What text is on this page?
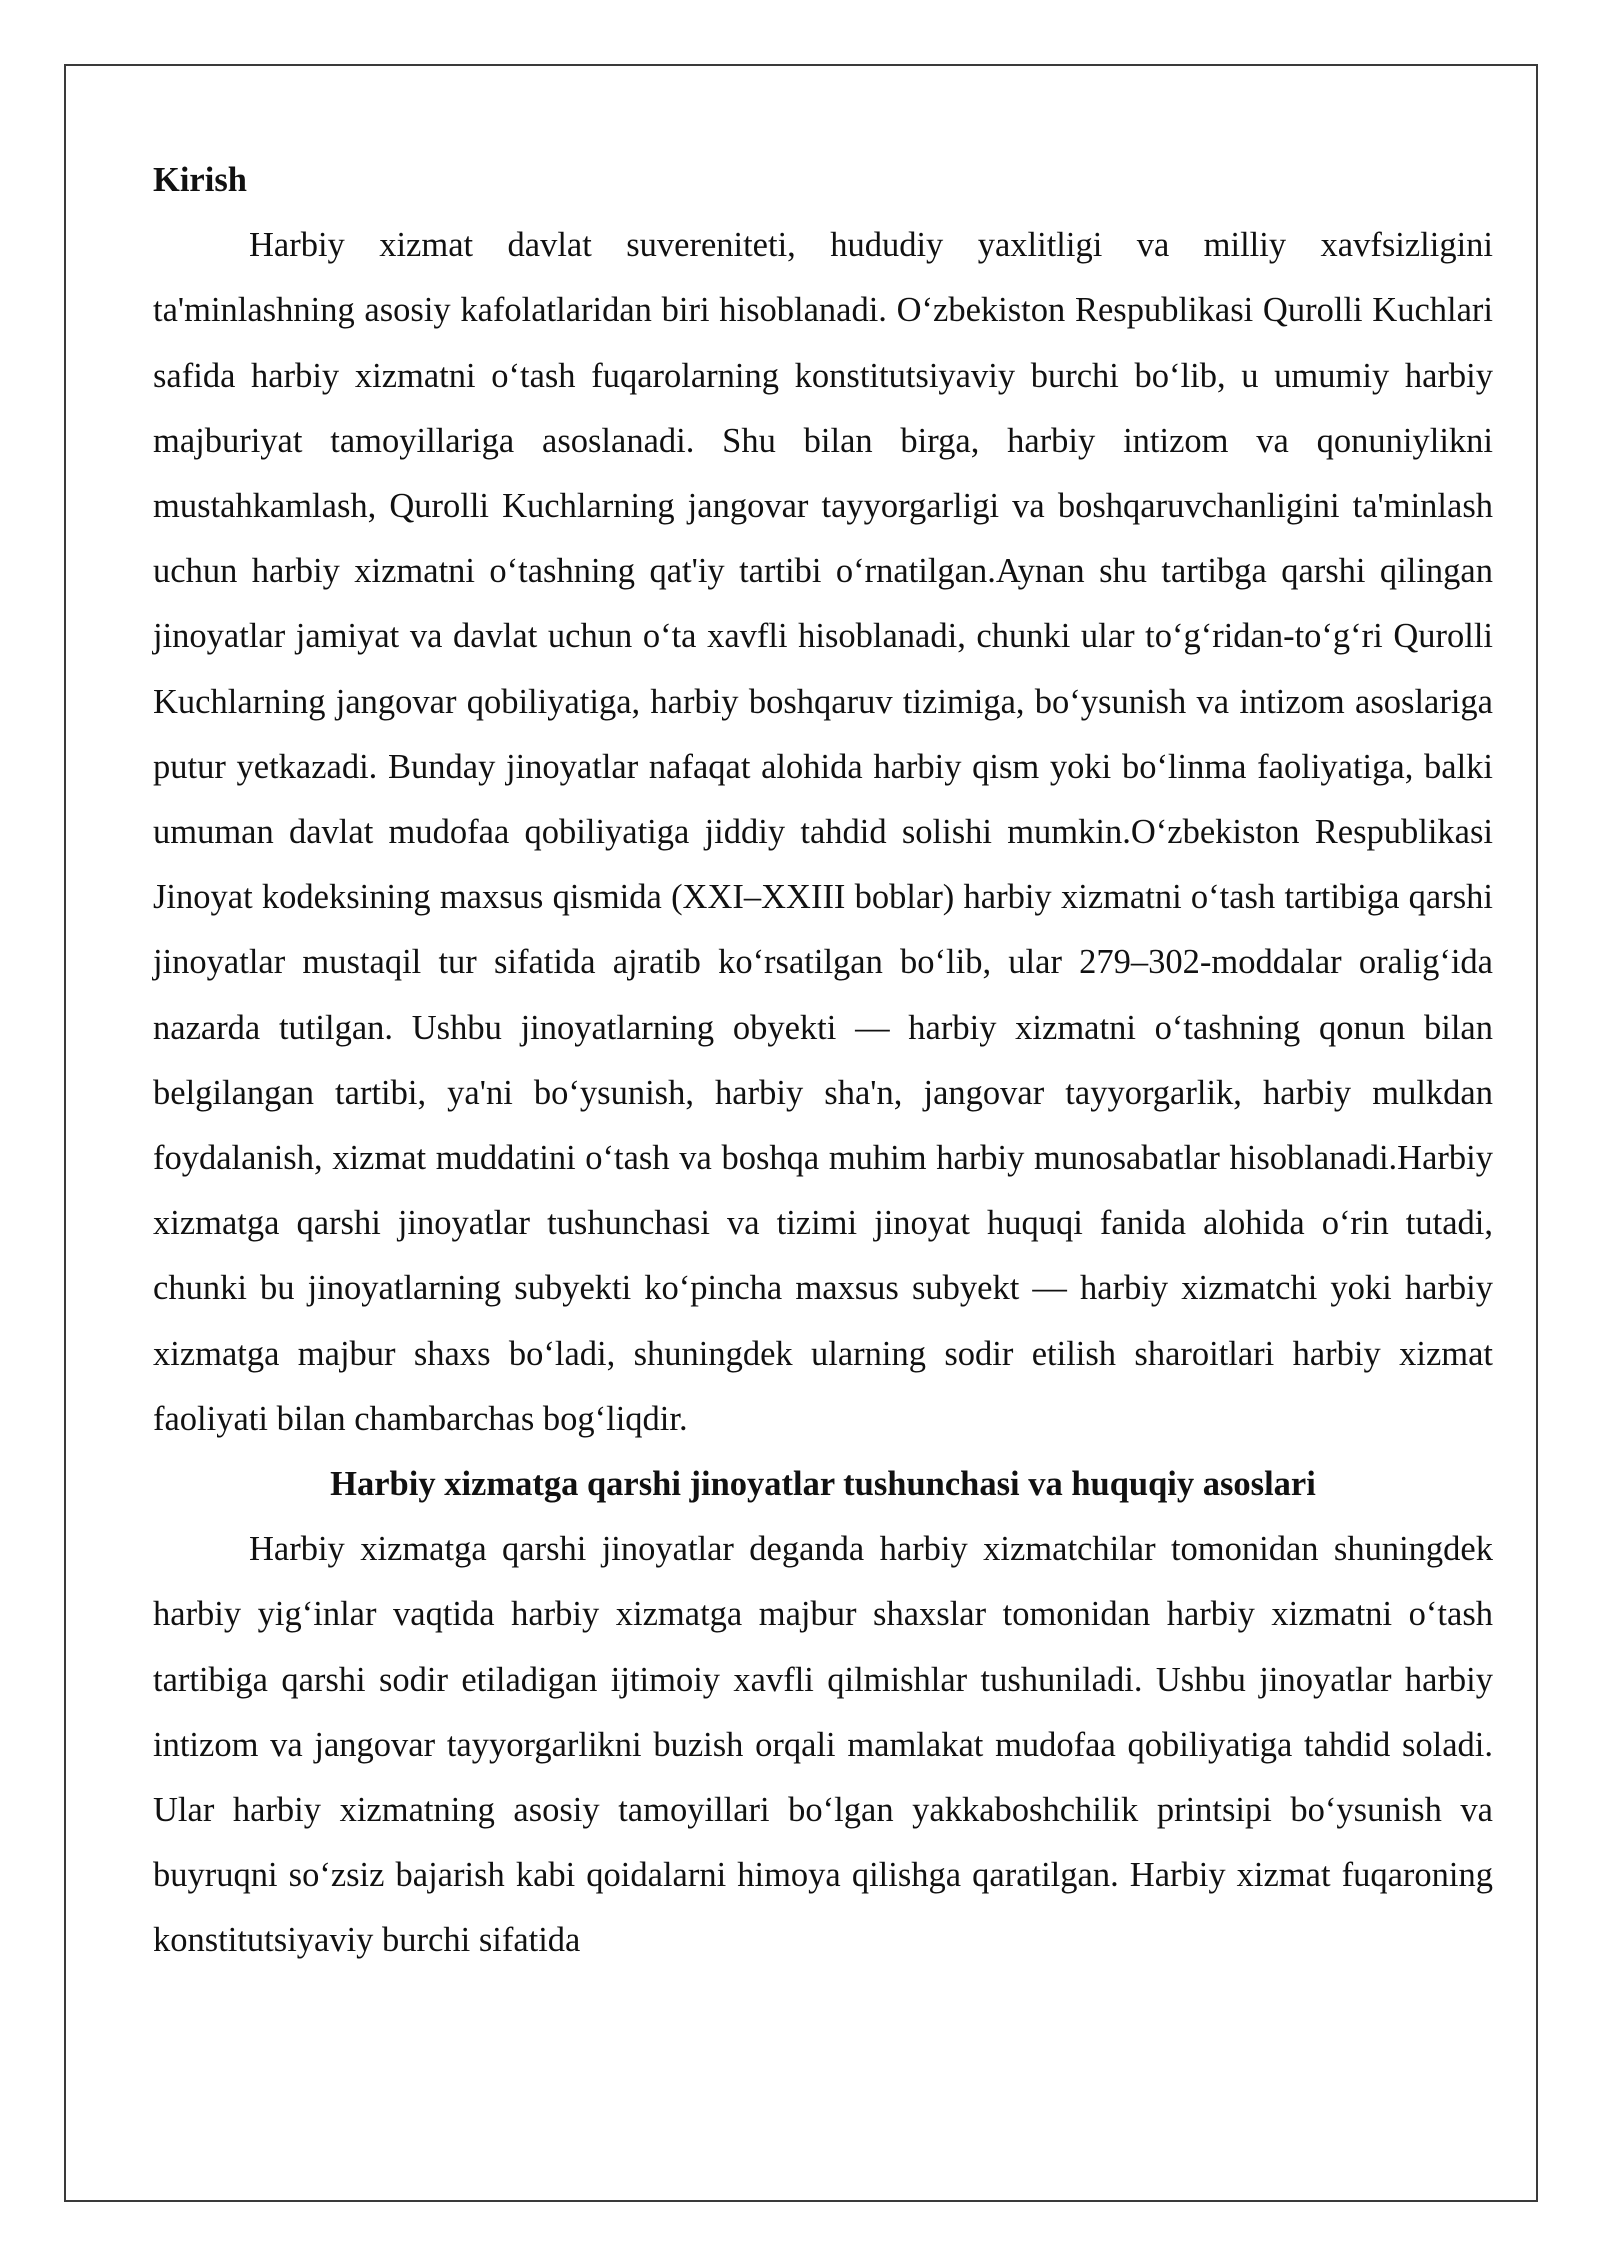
Kirish

Harbiy xizmat davlat suvereniteti, hududiy yaxlitligi va milliy xavfsizligini ta'minlashning asosiy kafolatlaridan biri hisoblanadi. O‘zbekiston Respublikasi Qurolli Kuchlari safida harbiy xizmatni o‘tash fuqarolarning konstitutsiyaviy burchi bo‘lib, u umumiy harbiy majburiyat tamoyillariga asoslanadi. Shu bilan birga, harbiy intizom va qonuniylikni mustahkamlash, Qurolli Kuchlarning jangovar tayyorgarligi va boshqaruvchanligini ta'minlash uchun harbiy xizmatni o‘tashning qat'iy tartibi o‘rnatilgan.Aynan shu tartibga qarshi qilingan jinoyatlar jamiyat va davlat uchun o‘ta xavfli hisoblanadi, chunki ular to‘g‘ridan-to‘g‘ri Qurolli Kuchlarning jangovar qobiliyatiga, harbiy boshqaruv tizimiga, bo‘ysunish va intizom asoslariga putur yetkazadi. Bunday jinoyatlar nafaqat alohida harbiy qism yoki bo‘linma faoliyatiga, balki umuman davlat mudofaa qobiliyatiga jiddiy tahdid solishi mumkin.O‘zbekiston Respublikasi Jinoyat kodeksining maxsus qismida (XXI–XXIII boblar) harbiy xizmatni o‘tash tartibiga qarshi jinoyatlar mustaqil tur sifatida ajratib ko‘rsatilgan bo‘lib, ular 279–302-moddalar oralig‘ida nazarda tutilgan. Ushbu jinoyatlarning obyekti — harbiy xizmatni o‘tashning qonun bilan belgilangan tartibi, ya'ni bo‘ysunish, harbiy sha'n, jangovar tayyorgarlik, harbiy mulkdan foydalanish, xizmat muddatini o‘tash va boshqa muhim harbiy munosabatlar hisoblanadi.Harbiy xizmatga qarshi jinoyatlar tushunchasi va tizimi jinoyat huquqi fanida alohida o‘rin tutadi, chunki bu jinoyatlarning subyekti ko‘pincha maxsus subyekt — harbiy xizmatchi yoki harbiy xizmatga majbur shaxs bo‘ladi, shuningdek ularning sodir etilish sharoitlari harbiy xizmat faoliyati bilan chambarchas bog‘liqdir.

Harbiy xizmatga qarshi jinoyatlar tushunchasi va huquqiy asoslari

Harbiy xizmatga qarshi jinoyatlar deganda harbiy xizmatchilar tomonidan shuningdek harbiy yig‘inlar vaqtida harbiy xizmatga majbur shaxslar tomonidan harbiy xizmatni o‘tash tartibiga qarshi sodir etiladigan ijtimoiy xavfli qilmishlar tushuniladi. Ushbu jinoyatlar harbiy intizom va jangovar tayyorgarlikni buzish orqali mamlakat mudofaa qobiliyatiga tahdid soladi. Ular harbiy xizmatning asosiy tamoyillari bo‘lgan yakkaboshchilik printsipi bo‘ysunish va buyruqni so‘zsiz bajarish kabi qoidalarni himoya qilishga qaratilgan. Harbiy xizmat fuqaroning konstitutsiyaviy burchi sifatida
